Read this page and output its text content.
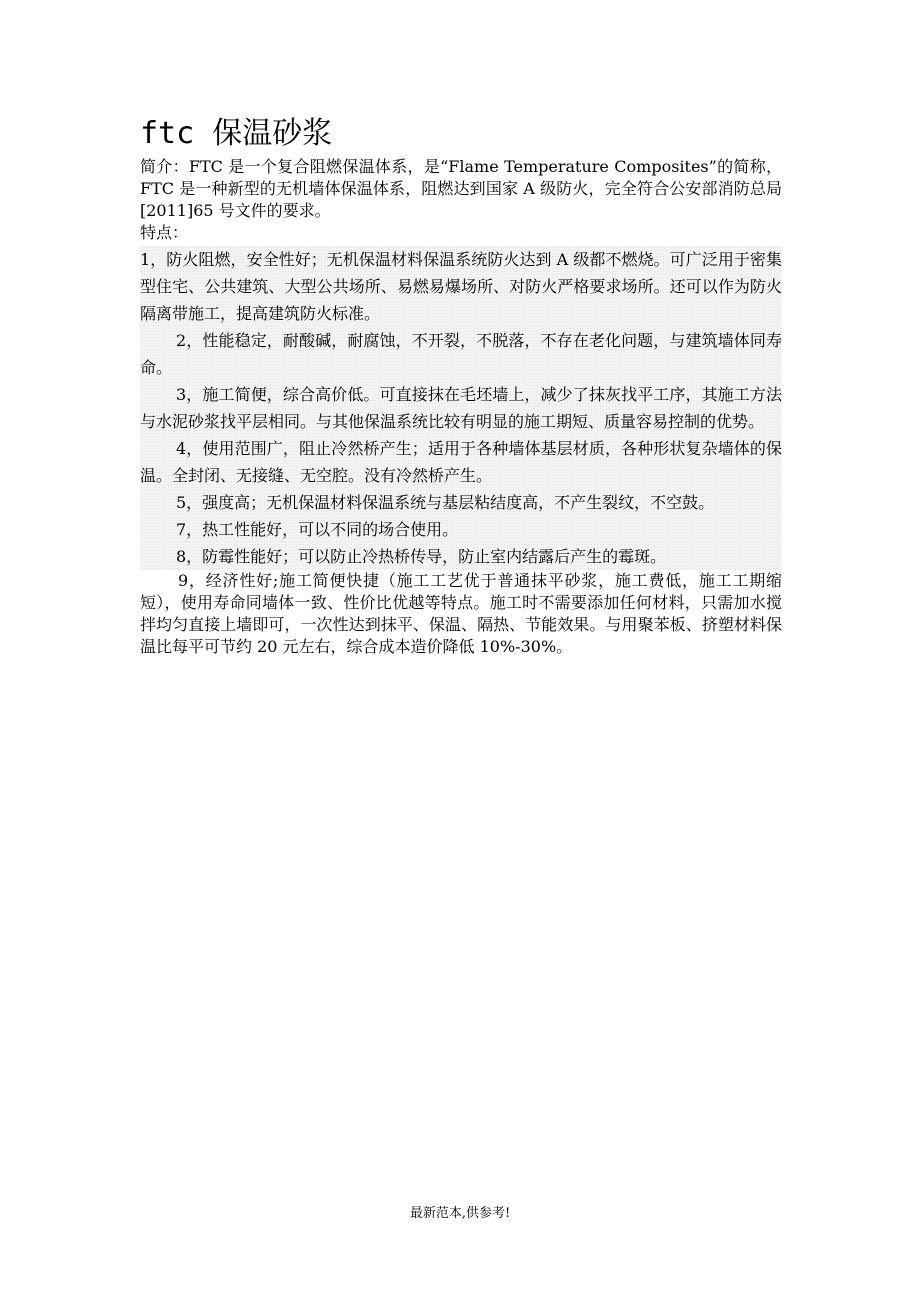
ftc 保温砂浆

简介：FTC 是一个复合阻燃保温体系，是“Flame Temperature Composites”的简称，FTC 是一种新型的无机墙体保温体系，阻燃达到国家 A 级防火，完全符合公安部消防总局[2011]65 号文件的要求。

特点：

1，防火阻燃，安全性好；无机保温材料保温系统防火达到 A 级都不燃烧。可广泛用于密集型住宅、公共建筑、大型公共场所、易燃易爆场所、对防火严格要求场所。还可以作为防火隔离带施工，提高建筑防火标准。

2，性能稳定，耐酸碱，耐腐蚀，不开裂，不脱落，不存在老化问题，与建筑墙体同寿命。

3，施工简便，综合高价低。可直接抹在毛坯墙上，减少了抹灰找平工序，其施工方法与水泥砂浆找平层相同。与其他保温系统比较有明显的施工期短、质量容易控制的优势。

4，使用范围广，阻止冷然桥产生；适用于各种墙体基层材质，各种形状复杂墙体的保温。全封闭、无接缝、无空腔。没有冷然桥产生。

5，强度高；无机保温材料保温系统与基层粘结度高，不产生裂纹，不空鼓。

7，热工性能好，可以不同的场合使用。

8，防霉性能好；可以防止冷热桥传导，防止室内结露后产生的霉斑。

9，经济性好;施工简便快捷（施工工艺优于普通抹平砂浆，施工费低，施工工期缩短），使用寿命同墙体一致、性价比优越等特点。施工时不需要添加任何材料，只需加水搅拌均匀直接上墙即可，一次性达到抹平、保温、隔热、节能效果。与用聚苯板、挤塑材料保温比每平可节约 20 元左右，综合成本造价降低 10%-30%。

最新范本,供参考!
